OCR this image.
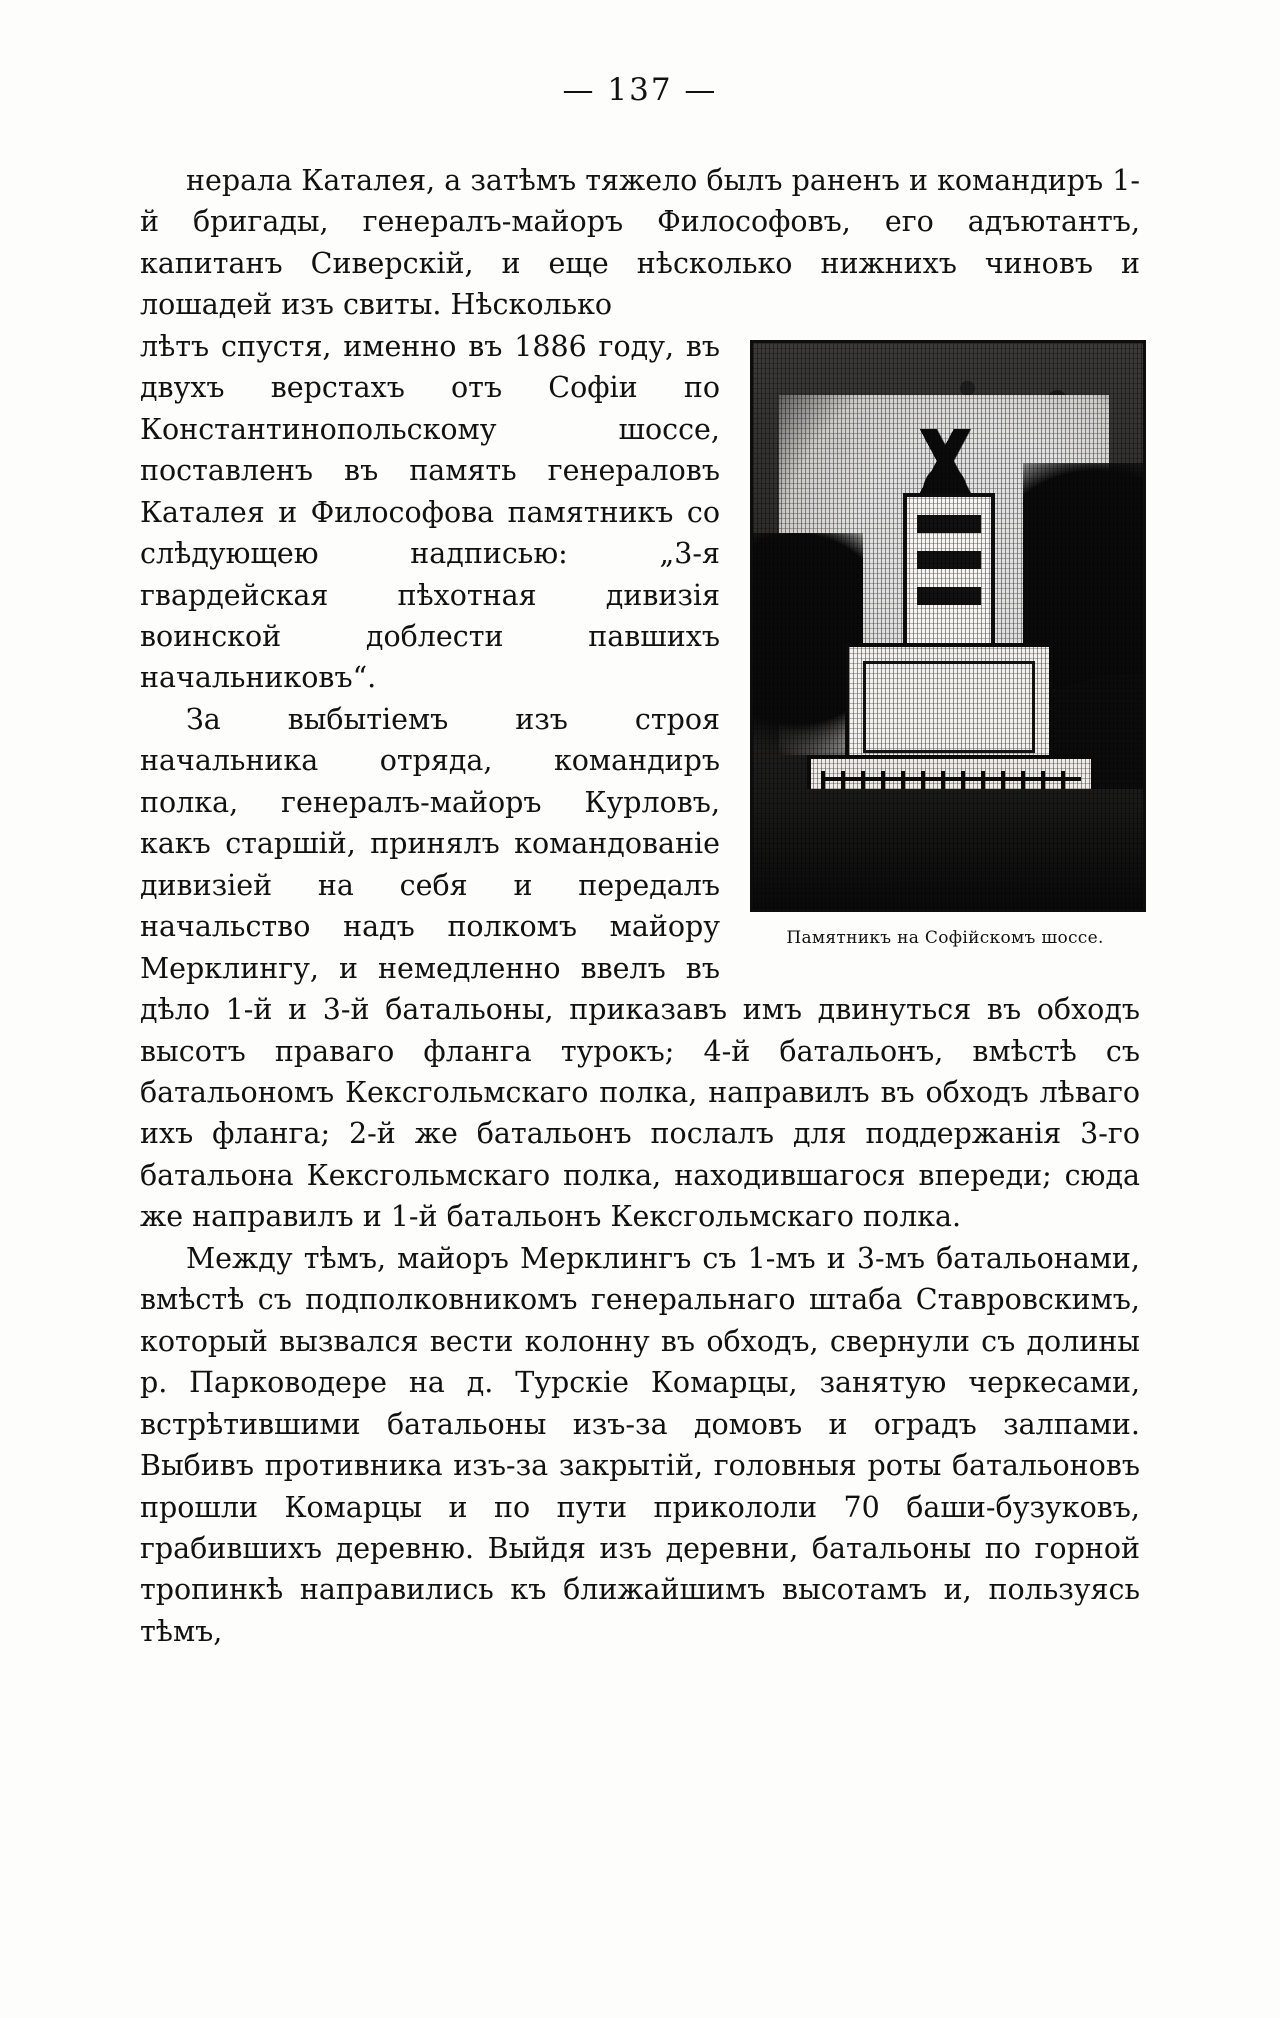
— 137 —

нерала Каталея, а затѣмъ тяжело былъ раненъ и командиръ 1-й бригады, генералъ-майоръ Философовъ, его адъютантъ, капитанъ Сиверскій, и еще нѣсколько нижнихъ чиновъ и лошадей изъ свиты. Нѣсколько

Памятникъ на Софійскомъ шоссе.

лѣтъ спустя, именно въ 1886 году, въ двухъ верстахъ отъ Софіи по Константинопольскому шоссе, поставленъ въ память генераловъ Каталея и Философова памятникъ со слѣдующею надписью: „3-я гвардейская пѣхотная дивизія воинской доблести павшихъ начальниковъ“.

За выбытіемъ изъ строя начальника отряда, командиръ полка, генералъ-майоръ Курловъ, какъ старшій, принялъ командованіе дивизіей на себя и передалъ начальство надъ полкомъ майору Мерклингу, и немедленно ввелъ въ дѣло 1-й и 3-й батальоны, приказавъ имъ двинуться въ обходъ высотъ праваго фланга турокъ; 4-й батальонъ, вмѣстѣ съ батальономъ Кексгольмскаго полка, направилъ въ обходъ лѣваго ихъ фланга; 2-й же батальонъ послалъ для поддержанія 3-го батальона Кексгольмскаго полка, находившагося впереди; сюда же направилъ и 1-й батальонъ Кексгольмскаго полка.

Между тѣмъ, майоръ Мерклингъ съ 1-мъ и 3-мъ батальонами, вмѣстѣ съ подполковникомъ генеральнаго штаба Ставровскимъ, который вызвался вести колонну въ обходъ, свернули съ долины р. Парководере на д. Турскіе Комарцы, занятую черкесами, встрѣтившими батальоны изъ-за домовъ и оградъ залпами. Выбивъ противника изъ-за закрытій, головныя роты батальоновъ прошли Комарцы и по пути прикололи 70 баши-бузуковъ, грабившихъ деревню. Выйдя изъ деревни, батальоны по горной тропинкѣ направились къ ближайшимъ высотамъ и, пользуясь тѣмъ,
